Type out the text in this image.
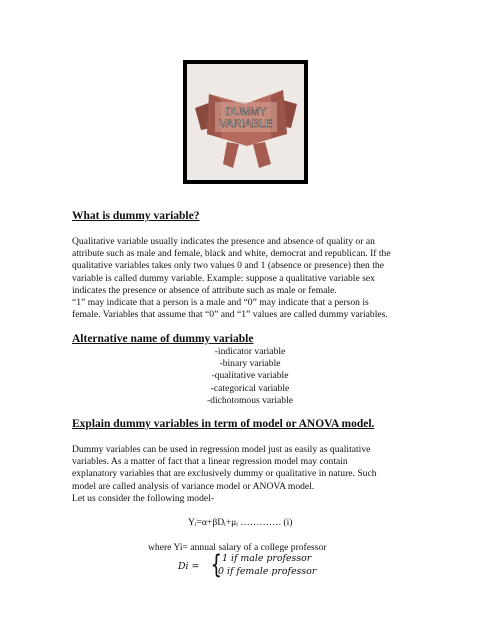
DUMMY
VARIABLE
What is dummy variable?
Qualitative variable usually indicates the presence and absence of quality or an
attribute such as male and female, black and white, democrat and republican. If the
qualitative variables takes only two values 0 and 1 (absence or presence) then the
variable is called dummy variable. Example: suppose a qualitative variable sex
indicates the presence or absence of attribute such as male or female.
“1” may indicate that a person is a male and “0” may indicate that a person is
female. Variables that assume that “0” and “1” values are called dummy variables.
Alternative name of dummy variable
-indicator variable
-binary variable
-qualitative variable
-categorical variable
-dichotomous variable
Explain dummy variables in term of model or ANOVA model.
Dummy variables can be used in regression model just as easily as qualitative
variables. As a matter of fact that a linear regression model may contain
explanatory variables that are exclusively dummy or qualitative in nature. Such
model are called analysis of variance model or ANOVA model.
Let us consider the following model-
Yᵢ=α+βDᵢ+μᵢ …………. (i)
where Yi= annual salary of a college professor
Di = { 1 if male professor
0 if female professor
